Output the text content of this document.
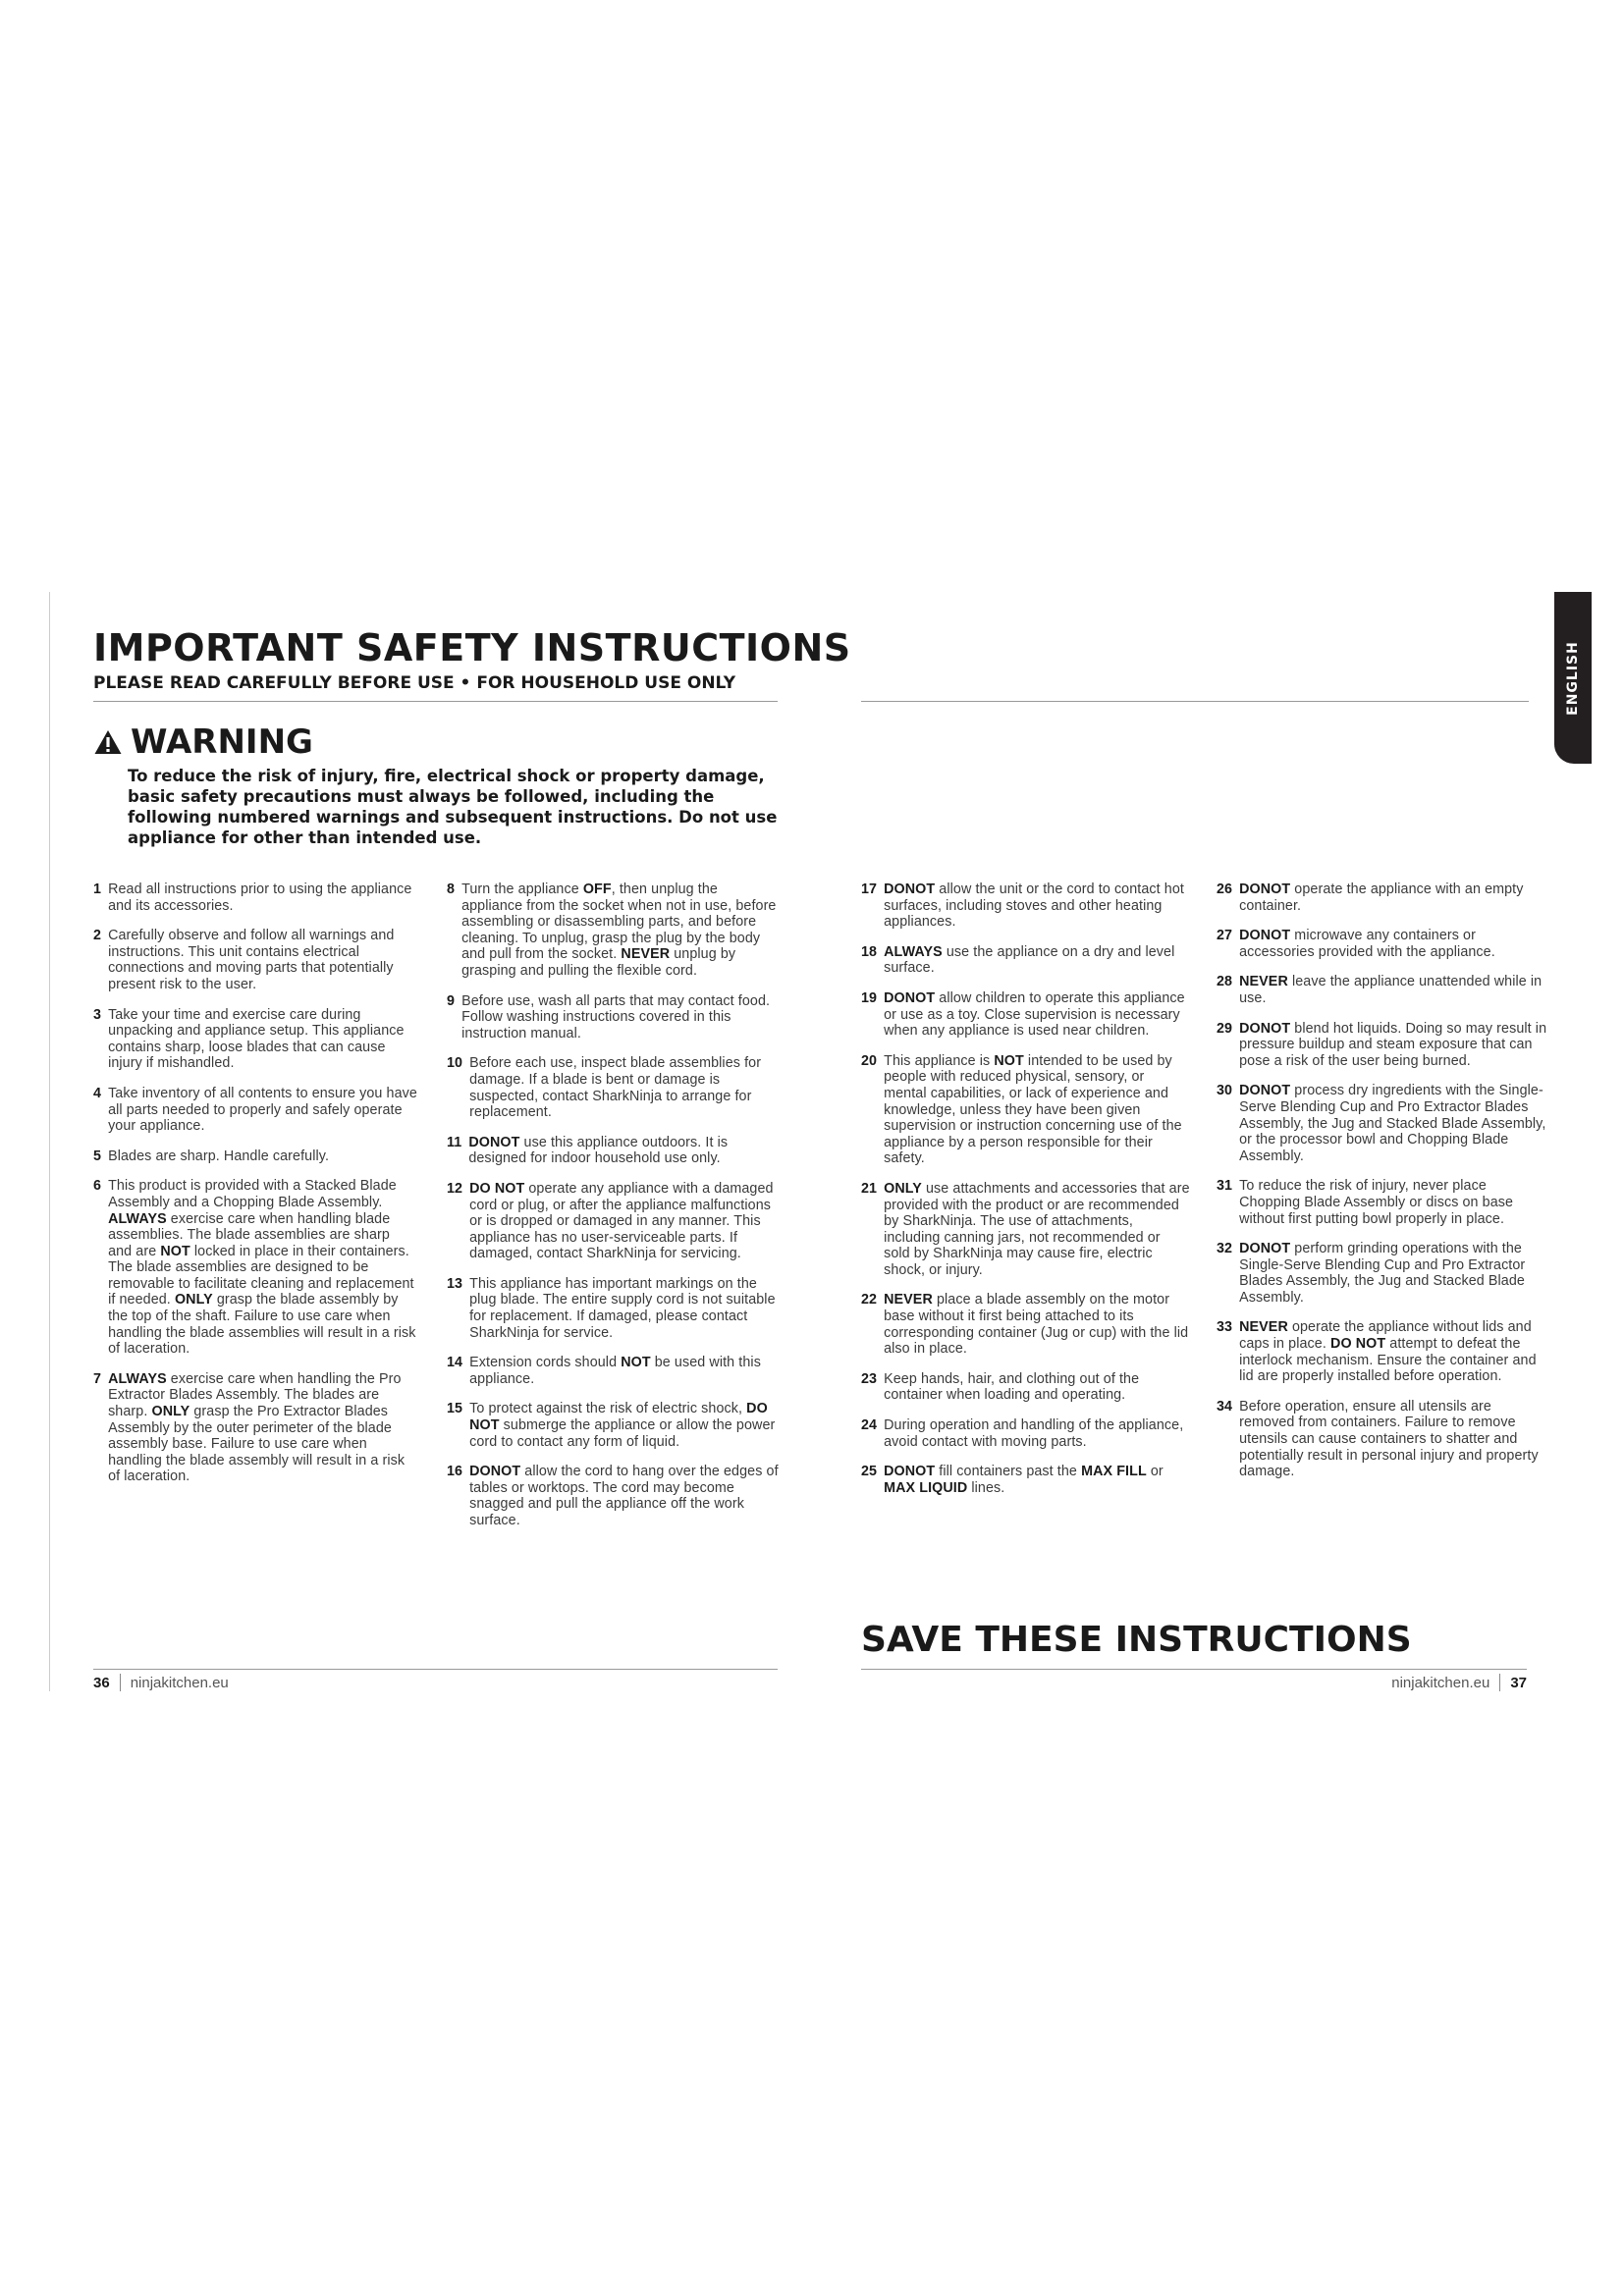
IMPORTANT SAFETY INSTRUCTIONS

PLEASE READ CAREFULLY BEFORE USE • FOR HOUSEHOLD USE ONLY

WARNING

To reduce the risk of injury, fire, electrical shock or property damage, basic safety precautions must always be followed, including the following numbered warnings and subsequent instructions. Do not use appliance for other than intended use.

1 Read all instructions prior to using the appliance and its accessories.
2 Carefully observe and follow all warnings and instructions. This unit contains electrical connections and moving parts that potentially present risk to the user.
3 Take your time and exercise care during unpacking and appliance setup. This appliance contains sharp, loose blades that can cause injury if mishandled.
4 Take inventory of all contents to ensure you have all parts needed to properly and safely operate your appliance.
5 Blades are sharp. Handle carefully.
6 This product is provided with a Stacked Blade Assembly and a Chopping Blade Assembly. ALWAYS exercise care when handling blade assemblies. The blade assemblies are sharp and are NOT locked in place in their containers. The blade assemblies are designed to be removable to facilitate cleaning and replacement if needed. ONLY grasp the blade assembly by the top of the shaft. Failure to use care when handling the blade assemblies will result in a risk of laceration.
7 ALWAYS exercise care when handling the Pro Extractor Blades Assembly. The blades are sharp. ONLY grasp the Pro Extractor Blades Assembly by the outer perimeter of the blade assembly base. Failure to use care when handling the blade assembly will result in a risk of laceration.
8 Turn the appliance OFF, then unplug the appliance from the socket when not in use, before assembling or disassembling parts, and before cleaning. To unplug, grasp the plug by the body and pull from the socket. NEVER unplug by grasping and pulling the flexible cord.
9 Before use, wash all parts that may contact food. Follow washing instructions covered in this instruction manual.
10 Before each use, inspect blade assemblies for damage. If a blade is bent or damage is suspected, contact SharkNinja to arrange for replacement.
11 DONOT use this appliance outdoors. It is designed for indoor household use only.
12 DO NOT operate any appliance with a damaged cord or plug, or after the appliance malfunctions or is dropped or damaged in any manner. This appliance has no user-serviceable parts. If damaged, contact SharkNinja for servicing.
13 This appliance has important markings on the plug blade. The entire supply cord is not suitable for replacement. If damaged, please contact SharkNinja for service.
14 Extension cords should NOT be used with this appliance.
15 To protect against the risk of electric shock, DO NOT submerge the appliance or allow the power cord to contact any form of liquid.
16 DONOT allow the cord to hang over the edges of tables or worktops. The cord may become snagged and pull the appliance off the work surface.
17 DONOT allow the unit or the cord to contact hot surfaces, including stoves and other heating appliances.
18 ALWAYS use the appliance on a dry and level surface.
19 DONOT allow children to operate this appliance or use as a toy. Close supervision is necessary when any appliance is used near children.
20 This appliance is NOT intended to be used by people with reduced physical, sensory, or mental capabilities, or lack of experience and knowledge, unless they have been given supervision or instruction concerning use of the appliance by a person responsible for their safety.
21 ONLY use attachments and accessories that are provided with the product or are recommended by SharkNinja. The use of attachments, including canning jars, not recommended or sold by SharkNinja may cause fire, electric shock, or injury.
22 NEVER place a blade assembly on the motor base without it first being attached to its corresponding container (Jug or cup) with the lid also in place.
23 Keep hands, hair, and clothing out of the container when loading and operating.
24 During operation and handling of the appliance, avoid contact with moving parts.
25 DONOT fill containers past the MAX FILL or MAX LIQUID lines.
26 DONOT operate the appliance with an empty container.
27 DONOT microwave any containers or accessories provided with the appliance.
28 NEVER leave the appliance unattended while in use.
29 DONOT blend hot liquids. Doing so may result in pressure buildup and steam exposure that can pose a risk of the user being burned.
30 DONOT process dry ingredients with the Single-Serve Blending Cup and Pro Extractor Blades Assembly, the Jug and Stacked Blade Assembly, or the processor bowl and Chopping Blade Assembly.
31 To reduce the risk of injury, never place Chopping Blade Assembly or discs on base without first putting bowl properly in place.
32 DONOT perform grinding operations with the Single-Serve Blending Cup and Pro Extractor Blades Assembly, the Jug and Stacked Blade Assembly.
33 NEVER operate the appliance without lids and caps in place. DO NOT attempt to defeat the interlock mechanism. Ensure the container and lid are properly installed before operation.
34 Before operation, ensure all utensils are removed from containers. Failure to remove utensils can cause containers to shatter and potentially result in personal injury and property damage.
SAVE THESE INSTRUCTIONS
36 ninjakitchen.eu	ninjakitchen.eu 37
ENGLISH
